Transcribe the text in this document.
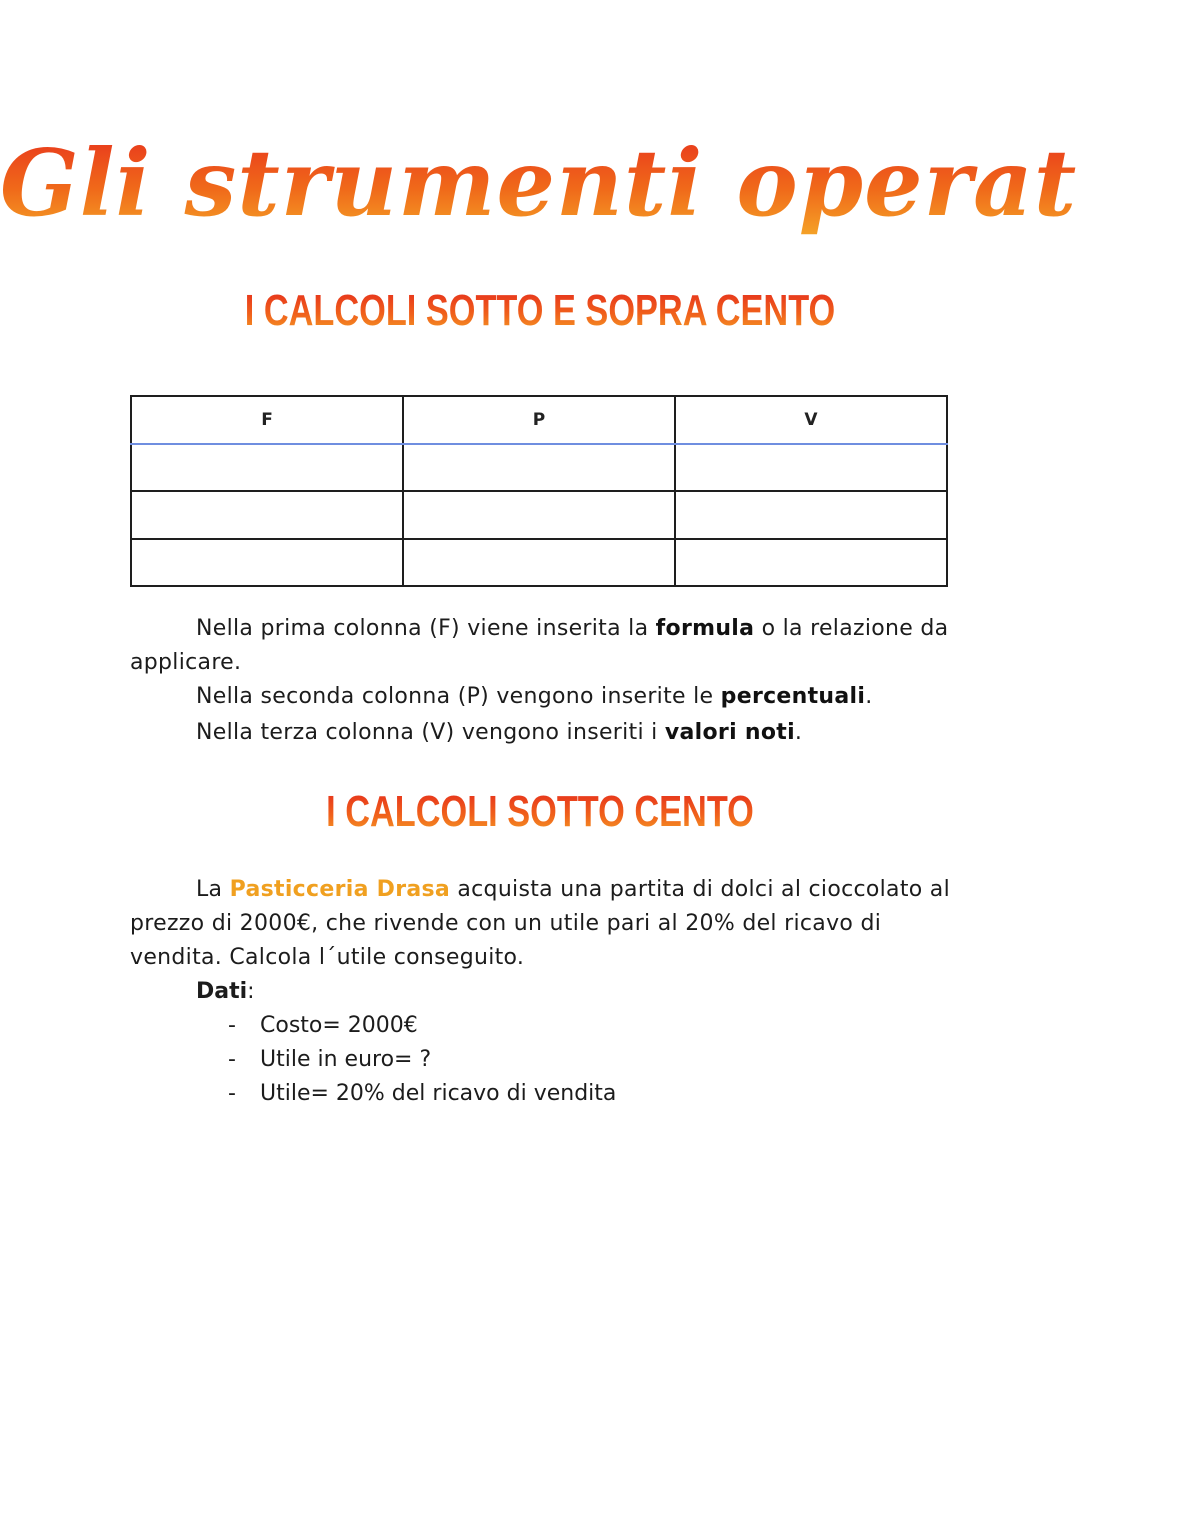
Gli strumenti operativi
I CALCOLI SOTTO E SOPRA CENTO
F	P	V

Nella prima colonna (F) viene inserita la formula o la relazione da applicare.
Nella seconda colonna (P) vengono inserite le percentuali.
Nella terza colonna (V) vengono inseriti i valori noti.
I CALCOLI SOTTO CENTO
La Pasticceria Drasa acquista una partita di dolci al cioccolato al prezzo di 2000€, che rivende con un utile pari al 20% del ricavo di vendita. Calcola l´utile conseguito.
Dati:
- Costo= 2000€
- Utile in euro= ?
- Utile= 20% del ricavo di vendita
